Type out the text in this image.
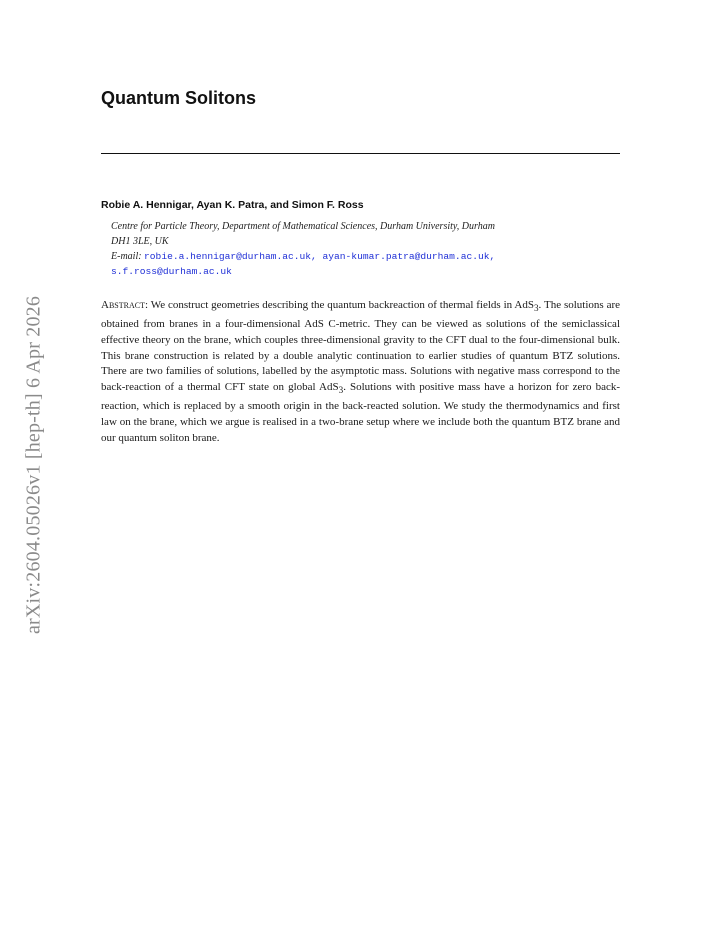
arXiv:2604.05026v1 [hep-th] 6 Apr 2026
Quantum Solitons
Robie A. Hennigar, Ayan K. Patra, and Simon F. Ross
Centre for Particle Theory, Department of Mathematical Sciences, Durham University, Durham
DH1 3LE, UK
E-mail: robie.a.hennigar@durham.ac.uk, ayan-kumar.patra@durham.ac.uk,
s.f.ross@durham.ac.uk

Abstract: We construct geometries describing the quantum backreaction of thermal fields in AdS$_3$. The solutions are obtained from branes in a four-dimensional AdS C-metric. They can be viewed as solutions of the semiclassical effective theory on the brane, which couples three-dimensional gravity to the CFT dual to the four-dimensional bulk. This brane construction is related by a double analytic continuation to earlier studies of quantum BTZ solutions. There are two families of solutions, labelled by the asymptotic mass. Solutions with negative mass correspond to the back-reaction of a thermal CFT state on global AdS$_3$. Solutions with positive mass have a horizon for zero back-reaction, which is replaced by a smooth origin in the back-reacted solution. We study the thermodynamics and first law on the brane, which we argue is realised in a two-brane setup where we include both the quantum BTZ brane and our quantum soliton brane.
